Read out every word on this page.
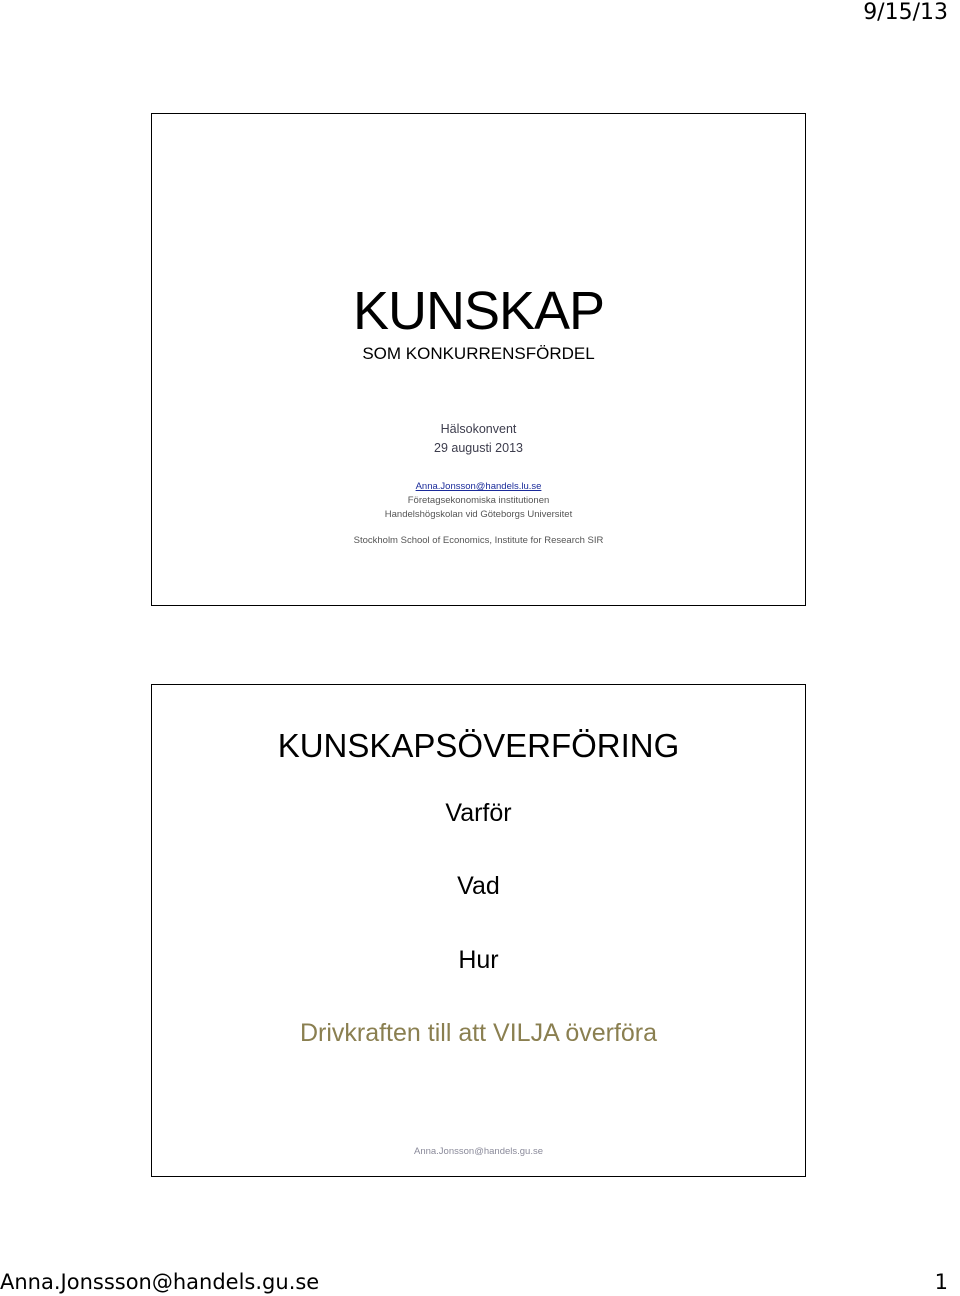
9/15/13
KUNSKAP
SOM KONKURRENSFÖRDEL
Hälsokonvent
29 augusti 2013
Anna.Jonsson@handels.lu.se
Företagsekonomiska institutionen
Handelshögskolan vid Göteborgs Universitet
Stockholm School of Economics, Institute for Research SIR
KUNSKAPSÖVERFÖRING
Varför
Vad
Hur
Drivkraften till att VILJA överföra
Anna.Jonsson@handels.gu.se
Anna.Jonssson@handels.gu.se	1
